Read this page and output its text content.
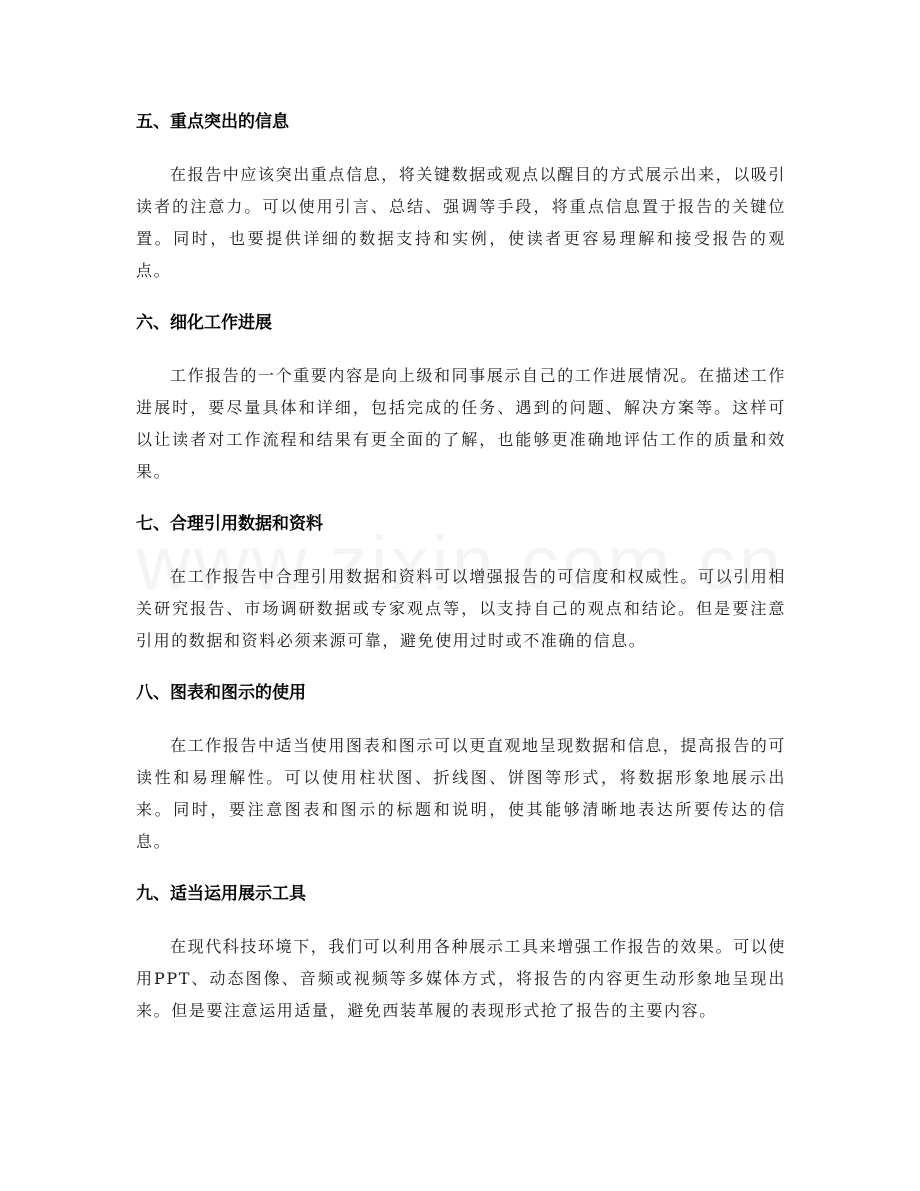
五、重点突出的信息

在报告中应该突出重点信息，将关键数据或观点以醒目的方式展示出来，以吸引读者的注意力。可以使用引言、总结、强调等手段，将重点信息置于报告的关键位置。同时，也要提供详细的数据支持和实例，使读者更容易理解和接受报告的观点。

六、细化工作进展

工作报告的一个重要内容是向上级和同事展示自己的工作进展情况。在描述工作进展时，要尽量具体和详细，包括完成的任务、遇到的问题、解决方案等。这样可以让读者对工作流程和结果有更全面的了解，也能够更准确地评估工作的质量和效果。

七、合理引用数据和资料

在工作报告中合理引用数据和资料可以增强报告的可信度和权威性。可以引用相关研究报告、市场调研数据或专家观点等，以支持自己的观点和结论。但是要注意引用的数据和资料必须来源可靠，避免使用过时或不准确的信息。

八、图表和图示的使用

在工作报告中适当使用图表和图示可以更直观地呈现数据和信息，提高报告的可读性和易理解性。可以使用柱状图、折线图、饼图等形式，将数据形象地展示出来。同时，要注意图表和图示的标题和说明，使其能够清晰地表达所要传达的信息。

九、适当运用展示工具

在现代科技环境下，我们可以利用各种展示工具来增强工作报告的效果。可以使用PPT、动态图像、音频或视频等多媒体方式，将报告的内容更生动形象地呈现出来。但是要注意运用适量，避免西装革履的表现形式抢了报告的主要内容。
